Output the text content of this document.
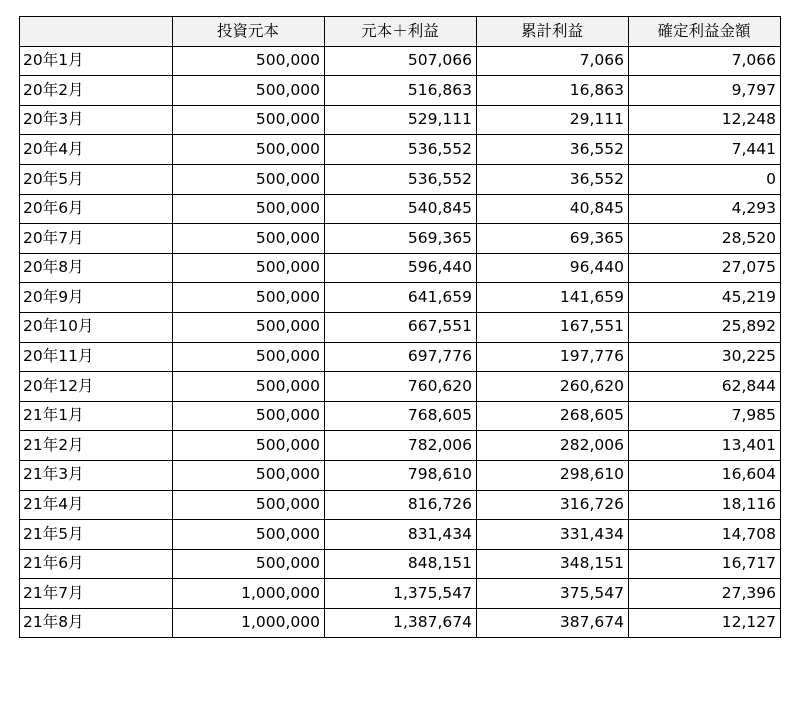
	投資元本	元本＋利益	累計利益	確定利益金額
20年1月	500,000	507,066	7,066	7,066
20年2月	500,000	516,863	16,863	9,797
20年3月	500,000	529,111	29,111	12,248
20年4月	500,000	536,552	36,552	7,441
20年5月	500,000	536,552	36,552	0
20年6月	500,000	540,845	40,845	4,293
20年7月	500,000	569,365	69,365	28,520
20年8月	500,000	596,440	96,440	27,075
20年9月	500,000	641,659	141,659	45,219
20年10月	500,000	667,551	167,551	25,892
20年11月	500,000	697,776	197,776	30,225
20年12月	500,000	760,620	260,620	62,844
21年1月	500,000	768,605	268,605	7,985
21年2月	500,000	782,006	282,006	13,401
21年3月	500,000	798,610	298,610	16,604
21年4月	500,000	816,726	316,726	18,116
21年5月	500,000	831,434	331,434	14,708
21年6月	500,000	848,151	348,151	16,717
21年7月	1,000,000	1,375,547	375,547	27,396
21年8月	1,000,000	1,387,674	387,674	12,127
